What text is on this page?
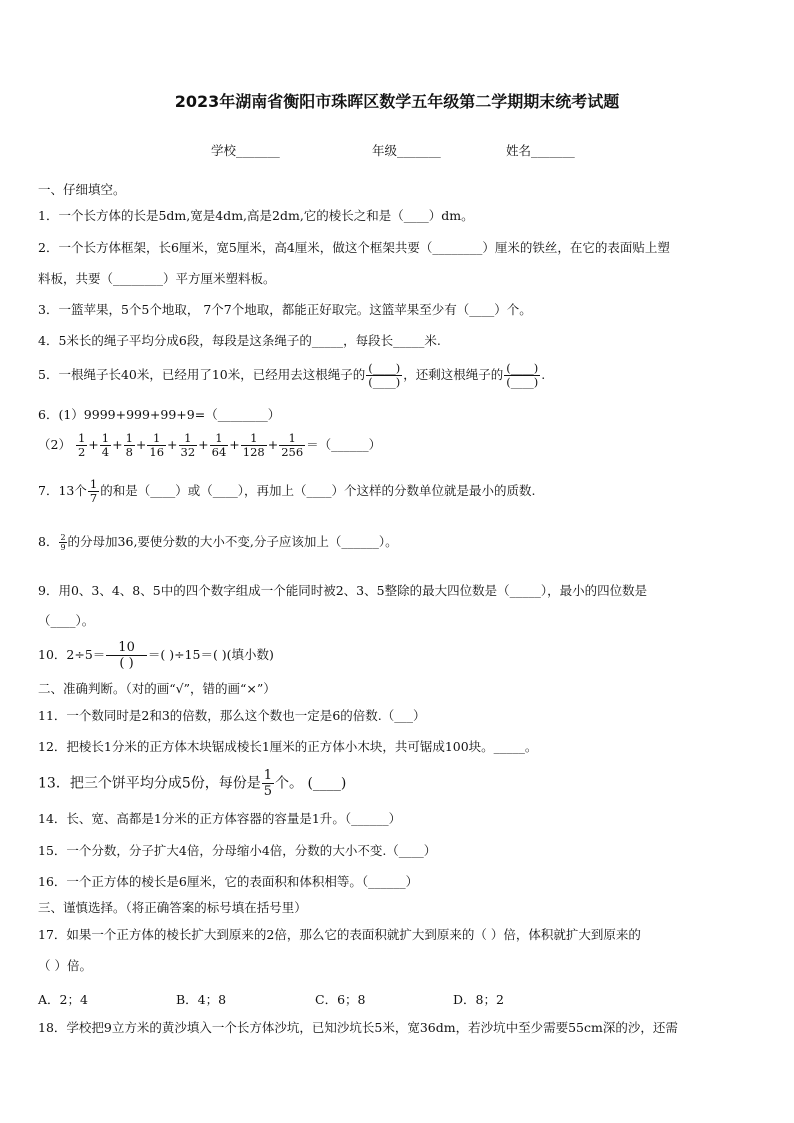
2023年湖南省衡阳市珠晖区数学五年级第二学期期末统考试题
学校_______	年级_______	姓名_______
一、仔细填空。
1．一个长方体的长是5dm,宽是4dm,高是2dm,它的棱长之和是（____）dm。
2．一个长方体框架，长6厘米，宽5厘米，高4厘米，做这个框架共要（________）厘米的铁丝，在它的表面贴上塑
料板，共要（________）平方厘米塑料板。
3．一篮苹果，5个5个地取， 7个7个地取，都能正好取完。这篮苹果至少有（____）个。
4．5米长的绳子平均分成6段，每段是这条绳子的_____，每段长_____米.
5．一根绳子长40米，已经用了10米，已经用去这根绳子的 $\frac{(\_\_\_\_)}{(\_\_\_\_)}$ ，还剩这根绳子的 $\frac{(\_\_\_\_)}{(\_\_\_\_)}$ .
6．(1）9999+999+99+9=（________）
$(2) \frac{1}{2} + \frac{1}{4} + \frac{1}{8} + \frac{1}{16} + \frac{1}{32} + \frac{1}{64} + \frac{1}{128} + \frac{1}{256}$ ＝（______）
7．13个 $\frac{1}{7}$ 的和是（____）或（____），再加上（____）个这样的分数单位就是最小的质数.
8． $\frac{2}{9}$ 的分母加36,要使分数的大小不变,分子应该加上（______）。
9．用0、3、4、8、5中的四个数字组成一个能同时被2、3、5整除的最大四位数是（_____），最小的四位数是
（____）。
10．$2\div 5= \frac{10}{( )}$ ＝( )÷15＝( )(填小数)
二、准确判断。（对的画“√”，错的画“×”）
11．一个数同时是2和3的倍数，那么这个数也一定是6的倍数.（___）
12．把棱长1分米的正方体木块锯成棱长1厘米的正方体小木块，共可锯成100块。_____。
13．把三个饼平均分成5份，每份是 $\frac{1}{5}$ 个。 (____)
14．长、宽、高都是1分米的正方体容器的容量是1升。（______）
15．一个分数，分子扩大4倍，分母缩小4倍，分数的大小不变.（____）
16．一个正方体的棱长是6厘米，它的表面积和体积相等。（______）
三、谨慎选择。（将正确答案的标号填在括号里）
17．如果一个正方体的棱长扩大到原来的2倍，那么它的表面积就扩大到原来的（ ）倍，体积就扩大到原来的
（ ）倍。
A．2；4	B．4；8	C．6；8	D．8；2
18．学校把9立方米的黄沙填入一个长方体沙坑，已知沙坑长5米，宽36dm，若沙坑中至少需要55cm深的沙，还需
